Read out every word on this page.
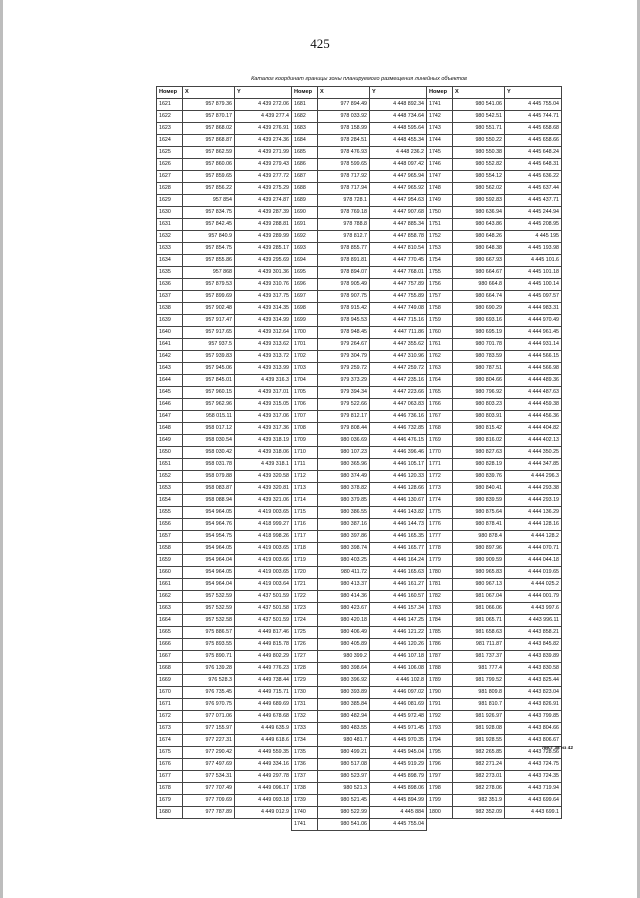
425
Каталог координат границы зоны планируемого размещения линейных объектов
Номер	X	Y	Номер	X	Y	Номер	X	Y
1621	957 879.36	4 439 272.06	1681	977 894.49	4 448 892.34	1741	980 541.06	4 445 755.04
1622	957 870.17	4 439 277.4	1682	978 033.92	4 448 734.64	1742	980 542.51	4 445 744.71
1623	957 868.02	4 439 276.91	1683	978 158.99	4 448 595.64	1743	980 551.71	4 445 658.68
1624	957 868.87	4 439 274.36	1684	978 284.51	4 448 455.34	1744	980 550.22	4 445 658.66
1625	957 862.59	4 439 271.99	1685	978 476.93	4 448 236.2	1745	980 550.38	4 445 648.24
1626	957 860.06	4 439 279.43	1686	978 599.65	4 448 097.42	1746	980 552.82	4 445 648.31
1627	957 859.65	4 439 277.72	1687	978 717.92	4 447 965.94	1747	980 554.12	4 445 636.22
1628	957 856.22	4 439 275.29	1688	978 717.94	4 447 965.92	1748	980 562.02	4 445 637.44
1629	957 854	4 439 274.87	1689	978 728.1	4 447 954.63	1749	980 592.83	4 445 437.71
1630	957 834.75	4 439 287.39	1690	978 769.18	4 447 907.68	1750	980 636.94	4 445 244.94
1631	957 842.45	4 439 288.81	1691	978 788.8	4 447 885.34	1751	980 643.86	4 445 208.95
1632	957 840.9	4 439 289.99	1692	978 812.7	4 447 858.78	1752	980 648.26	4 445 195
1633	957 854.75	4 439 285.17	1693	978 855.77	4 447 810.54	1753	980 648.38	4 445 193.98
1634	957 855.86	4 439 295.69	1694	978 891.81	4 447 770.45	1754	980 667.93	4 445 101.6
1635	957 868	4 439 301.36	1695	978 894.07	4 447 768.01	1755	980 664.67	4 445 101.18
1636	957 879.53	4 439 310.76	1696	978 905.49	4 447 757.89	1756	980 664.8	4 445 100.14
1637	957 899.69	4 439 317.75	1697	978 907.75	4 447 755.89	1757	980 664.74	4 445 097.57
1638	957 902.48	4 439 314.35	1698	978 915.42	4 447 749.08	1758	980 690.29	4 444 983.31
1639	957 917.47	4 439 314.99	1699	978 945.53	4 447 715.16	1759	980 693.16	4 444 970.49
1640	957 917.65	4 439 312.64	1700	978 948.45	4 447 711.86	1760	980 695.19	4 444 961.45
1641	957 937.5	4 439 313.62	1701	979 264.67	4 447 355.62	1761	980 701.78	4 444 931.14
1642	957 939.83	4 439 313.72	1702	979 304.79	4 447 310.96	1762	980 783.59	4 444 566.15
1643	957 945.06	4 439 313.99	1703	979 259.72	4 447 259.72	1763	980 787.51	4 444 566.98
1644	957 845.01	4 439 316.3	1704	979 373.29	4 447 235.16	1764	980 804.66	4 444 489.36
1645	957 960.15	4 439 317.01	1705	979 394.34	4 447 223.66	1765	980 796.92	4 444 487.63
1646	957 962.96	4 439 315.05	1706	979 522.66	4 447 063.83	1766	980 803.23	4 444 459.38
1647	958 015.11	4 439 317.06	1707	979 812.17	4 446 736.16	1767	980 803.91	4 444 456.36
1648	958 017.12	4 439 317.36	1708	979 808.44	4 446 732.85	1768	980 815.42	4 444 404.82
1649	958 030.54	4 439 318.19	1709	980 036.69	4 446 476.15	1769	980 816.02	4 444 402.13
1650	958 030.42	4 439 318.06	1710	980 107.23	4 446 396.46	1770	980 827.63	4 444 350.25
1651	958 031.78	4 439 318.1	1711	980 365.96	4 446 105.17	1771	980 828.19	4 444 347.85
1652	958 079.88	4 439 320.58	1712	980 374.49	4 446 120.33	1772	980 839.76	4 444 296.3
1653	958 083.87	4 439 320.81	1713	980 378.82	4 446 128.66	1773	980 840.41	4 444 293.38
1654	958 088.94	4 439 321.06	1714	980 379.85	4 446 130.67	1774	980 839.59	4 444 293.19
1655	954 964.05	4 419 003.65	1715	980 386.55	4 446 143.82	1775	980 875.64	4 444 136.29
1656	954 964.76	4 418 999.27	1716	980 387.16	4 446 144.73	1776	980 878.41	4 444 128.16
1657	954 954.75	4 418 998.26	1717	980 397.86	4 446 165.35	1777	980 878.4	4 444 128.2
1658	954 964.05	4 419 003.65	1718	980 398.74	4 446 165.77	1778	980 897.96	4 444 070.71
1659	954 964.04	4 419 003.66	1719	980 403.25	4 446 164.24	1779	980 909.59	4 444 044.18
1660	954 964.05	4 419 003.65	1720	980 411.72	4 446 165.63	1780	980 965.83	4 444 019.65
1661	954 964.04	4 419 003.64	1721	980 413.37	4 446 161.27	1781	980 967.13	4 444 025.2
1662	957 532.59	4 437 501.59	1722	980 414.36	4 446 160.57	1782	981 067.04	4 444 001.79
1663	957 532.59	4 437 501.58	1723	980 423.67	4 446 157.34	1783	981 066.06	4 443 997.6
1664	957 532.58	4 437 501.59	1724	980 420.18	4 446 147.25	1784	981 065.71	4 443 996.11
1665	975 886.57	4 449 817.46	1725	980 406.49	4 446 121.22	1785	981 658.63	4 443 858.21
1666	975 893.55	4 449 815.78	1726	980 405.89	4 446 120.26	1786	981 711.87	4 443 845.82
1667	975 890.71	4 449 802.29	1727	980 399.2	4 446 107.18	1787	981 737.37	4 443 839.89
1668	976 139.28	4 449 776.23	1728	980 398.64	4 446 106.08	1788	981 777.4	4 443 830.58
1669	976 528.3	4 449 738.44	1729	980 396.92	4 446 102.8	1789	981 799.52	4 443 825.44
1670	976 735.45	4 449 715.71	1730	980 393.89	4 446 097.02	1790	981 809.8	4 443 823.04
1671	976 970.75	4 449 689.69	1731	980 385.84	4 446 081.69	1791	981 810.7	4 443 826.91
1672	977 071.06	4 449 678.68	1732	980 482.94	4 445 972.48	1792	981 926.97	4 443 799.85
1673	977 155.97	4 449 635.9	1733	980 483.55	4 445 971.45	1793	981 928.08	4 443 804.66
1674	977 227.31	4 449 618.6	1734	980 481.7	4 445 970.35	1794	981 928.55	4 443 806.67
1675	977 290.42	4 449 559.35	1735	980 499.21	4 445 945.04	1795	982 265.85	4 443 728.56
1676	977 497.69	4 449 334.16	1736	980 517.08	4 445 919.29	1796	982 271.24	4 443 724.75
1677	977 534.31	4 449 297.78	1737	980 523.97	4 445 898.79	1797	982 273.01	4 443 724.35
1678	977 707.49	4 449 096.17	1738	980 521.3	4 445 898.06	1798	982 278.06	4 443 719.94
1679	977 709.69	4 449 093.18	1739	980 521.45	4 445 894.99	1799	982 351.9	4 443 699.64
1680	977 787.89	4 449 012.9	1740	980 522.99	4 445 884	1800	982 352.09	4 443 699.1
			1741	980 541.06	4 445 755.04			
лист 38 из 42
